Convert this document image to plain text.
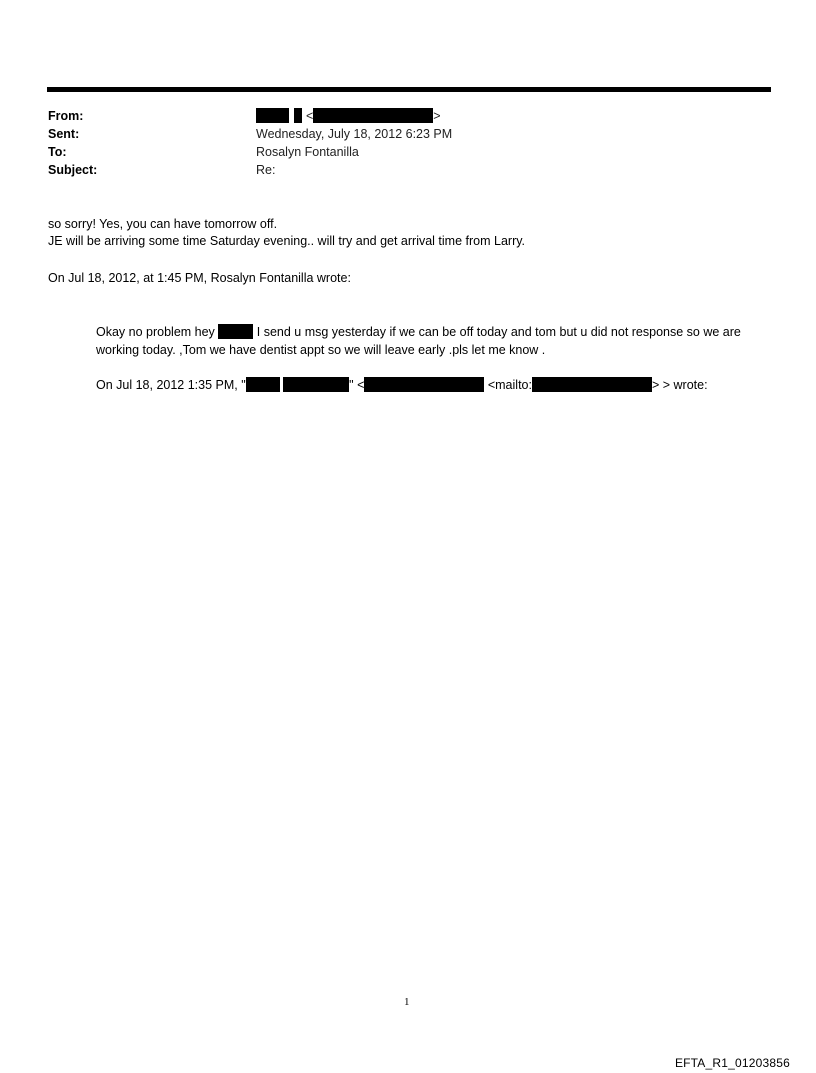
From:	<	>
Sent:	Wednesday, July 18, 2012 6:23 PM
To:	Rosalyn Fontanilla
Subject:	Re:
so sorry! Yes, you can have tomorrow off.
JE will be arriving some time Saturday evening.. will try and get arrival time from Larry.
On Jul 18, 2012, at 1:45 PM, Rosalyn Fontanilla wrote:
Okay no problem hey	I send u msg yesterday if we can be off today and tom but u did not response so we are working today. ,Tom we have dentist appt so we will leave early .pls let me know .
On Jul 18, 2012 1:35 PM, "	" <	<mailto:	> > wrote:
1
EFTA_R1_01203856
